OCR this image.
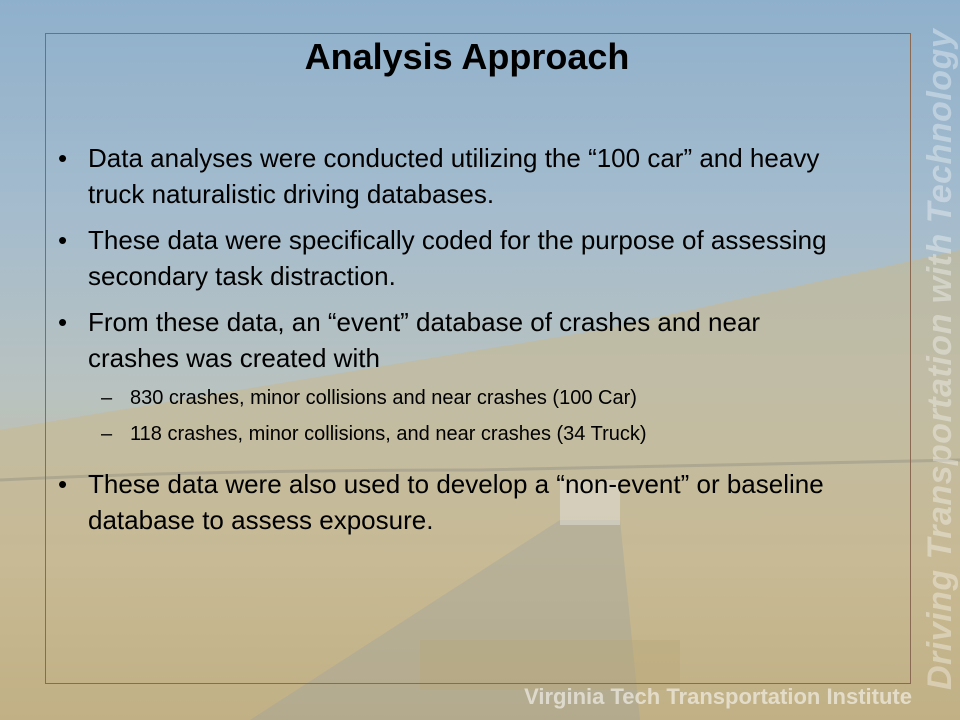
Analysis Approach
• Data analyses were conducted utilizing the “100 car” and heavy truck naturalistic driving databases.
• These data were specifically coded for the purpose of assessing secondary task distraction.
• From these data, an “event” database of crashes and near crashes was created with
– 830 crashes, minor collisions and near crashes (100 Car)
– 118 crashes, minor collisions, and near crashes (34 Truck)
• These data were also used to develop a “non-event” or baseline database to assess exposure.	Driving Transportation with Technology
Virginia Tech Transportation Institute
